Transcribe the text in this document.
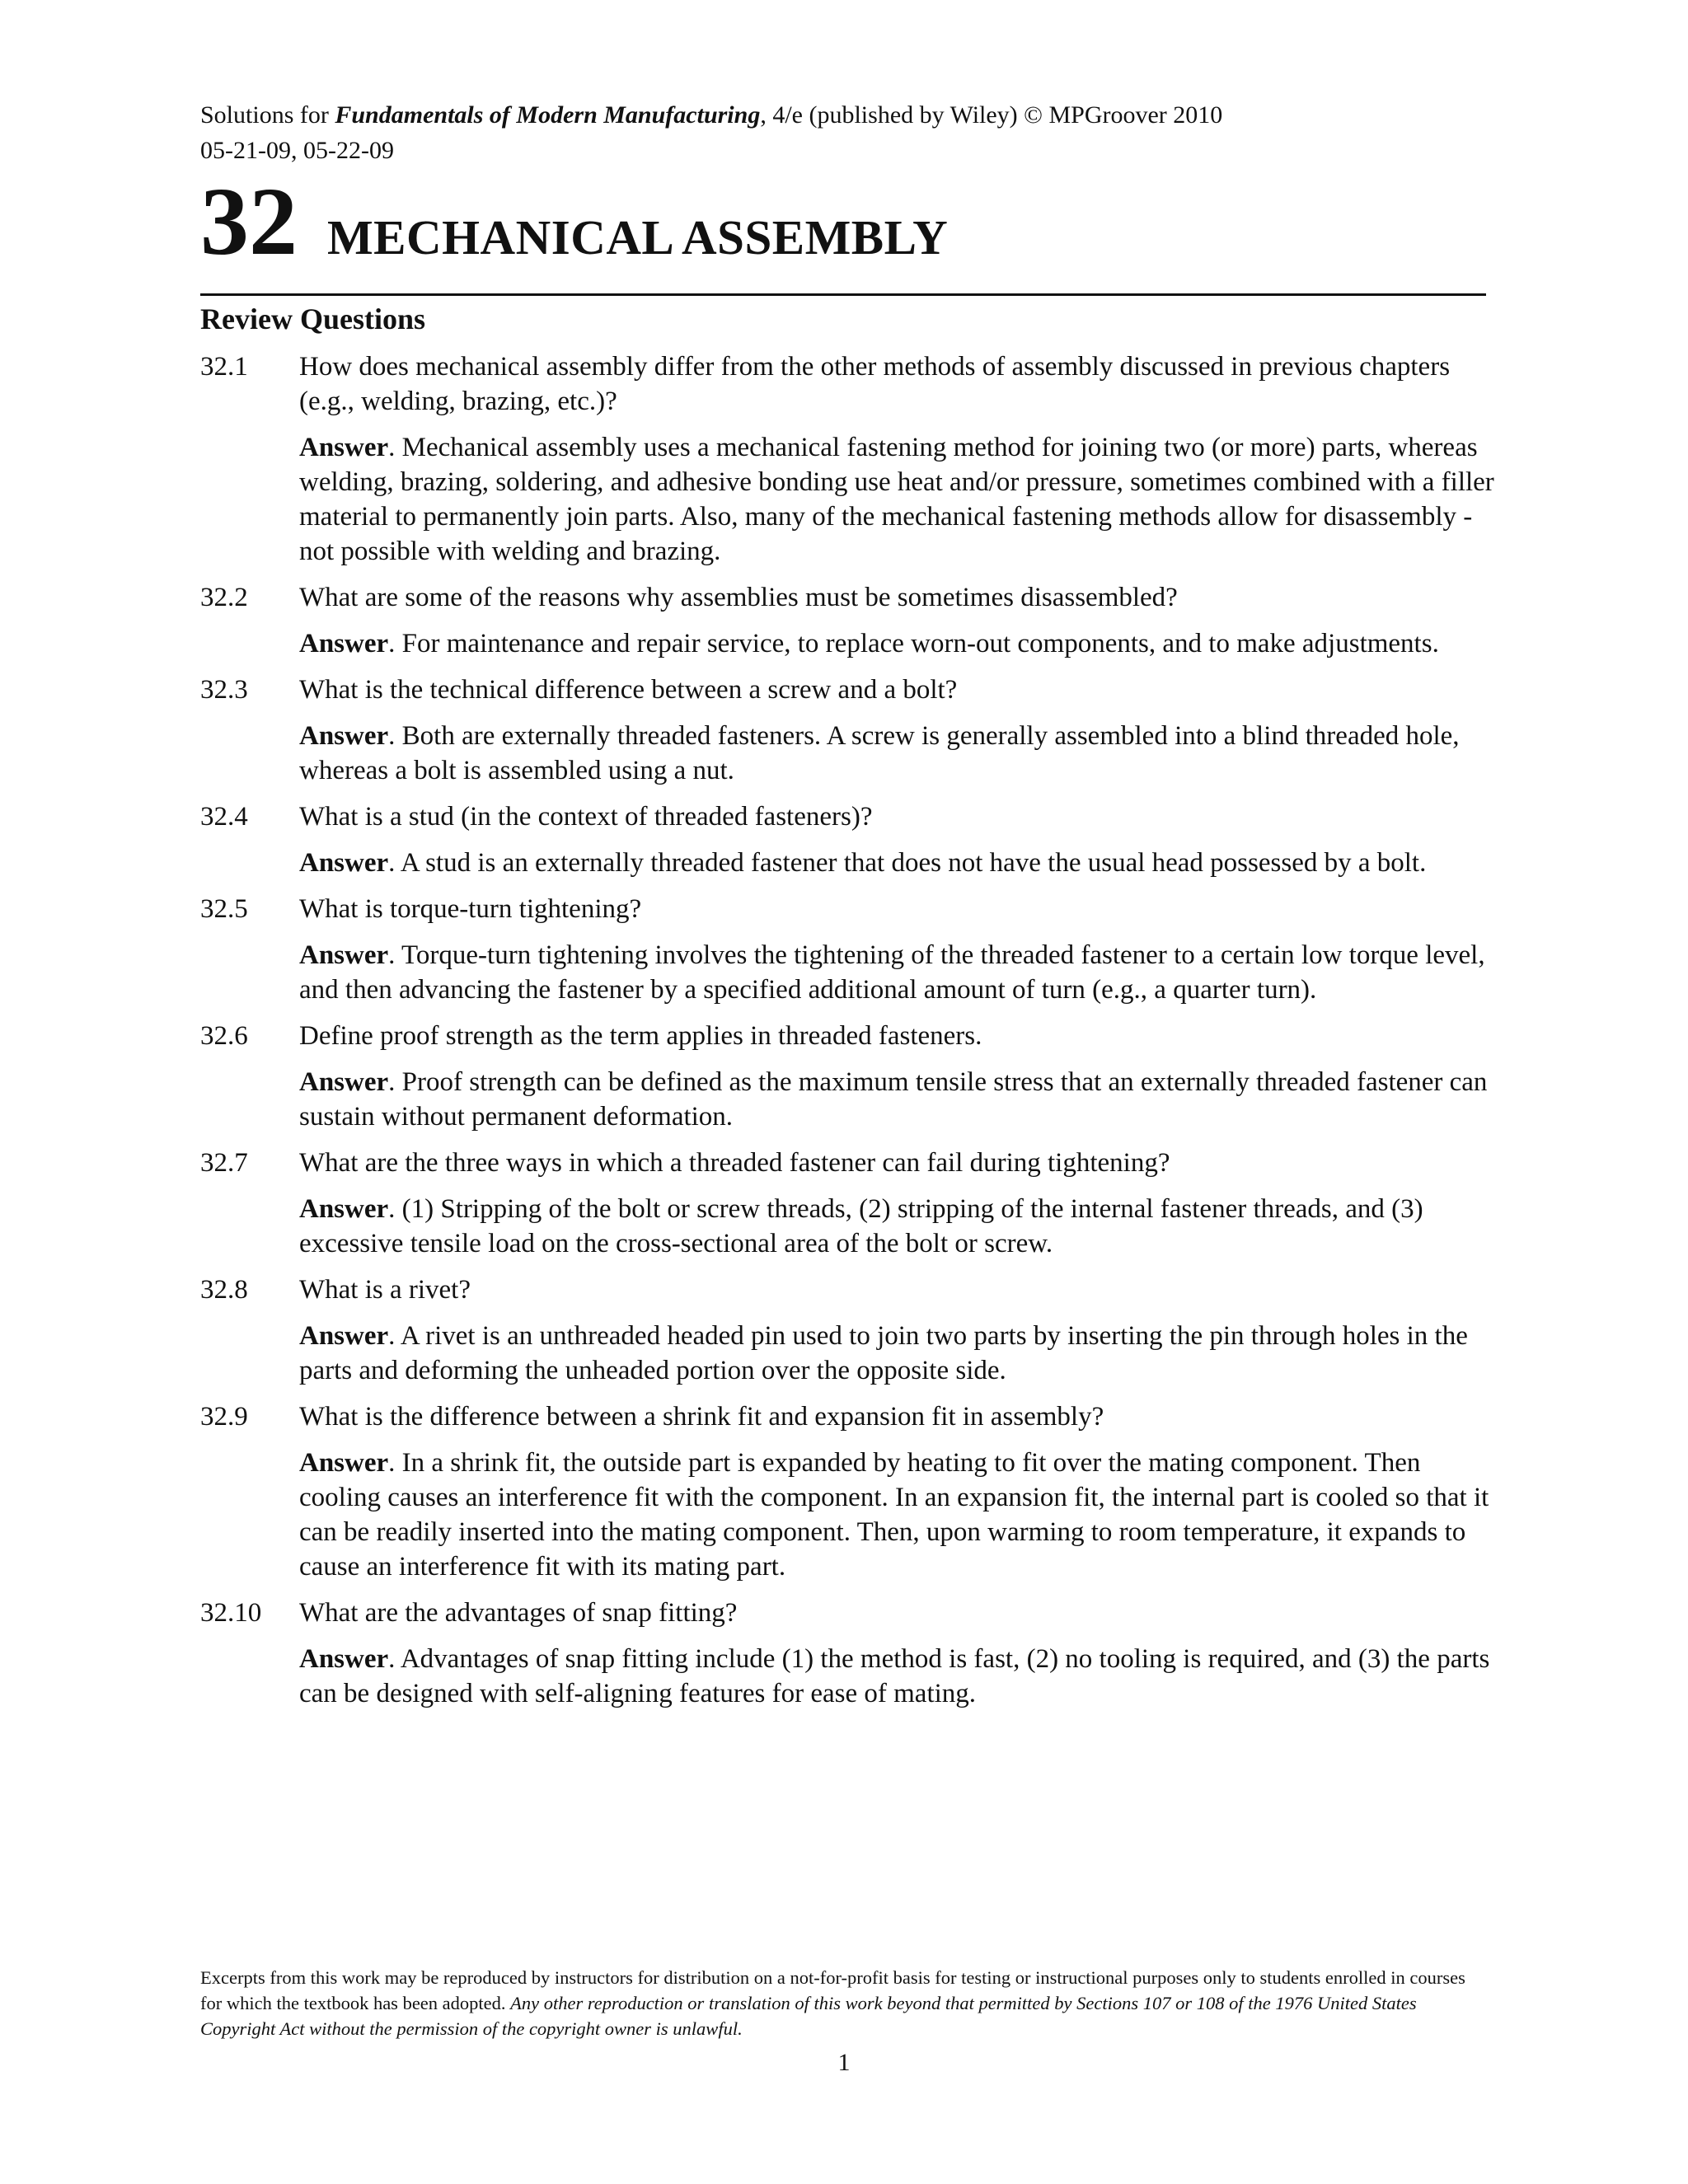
Solutions for Fundamentals of Modern Manufacturing, 4/e (published by Wiley) © MPGroover 2010
05-21-09, 05-22-09
32 MECHANICAL ASSEMBLY
Review Questions
32.1	How does mechanical assembly differ from the other methods of assembly discussed in previous chapters (e.g., welding, brazing, etc.)?
Answer. Mechanical assembly uses a mechanical fastening method for joining two (or more) parts, whereas welding, brazing, soldering, and adhesive bonding use heat and/or pressure, sometimes combined with a filler material to permanently join parts. Also, many of the mechanical fastening methods allow for disassembly - not possible with welding and brazing.
32.2	What are some of the reasons why assemblies must be sometimes disassembled?
Answer. For maintenance and repair service, to replace worn-out components, and to make adjustments.
32.3	What is the technical difference between a screw and a bolt?
Answer. Both are externally threaded fasteners. A screw is generally assembled into a blind threaded hole, whereas a bolt is assembled using a nut.
32.4	What is a stud (in the context of threaded fasteners)?
Answer. A stud is an externally threaded fastener that does not have the usual head possessed by a bolt.
32.5	What is torque-turn tightening?
Answer. Torque-turn tightening involves the tightening of the threaded fastener to a certain low torque level, and then advancing the fastener by a specified additional amount of turn (e.g., a quarter turn).
32.6	Define proof strength as the term applies in threaded fasteners.
Answer. Proof strength can be defined as the maximum tensile stress that an externally threaded fastener can sustain without permanent deformation.
32.7	What are the three ways in which a threaded fastener can fail during tightening?
Answer. (1) Stripping of the bolt or screw threads, (2) stripping of the internal fastener threads, and (3) excessive tensile load on the cross-sectional area of the bolt or screw.
32.8	What is a rivet?
Answer. A rivet is an unthreaded headed pin used to join two parts by inserting the pin through holes in the parts and deforming the unheaded portion over the opposite side.
32.9	What is the difference between a shrink fit and expansion fit in assembly?
Answer. In a shrink fit, the outside part is expanded by heating to fit over the mating component. Then cooling causes an interference fit with the component. In an expansion fit, the internal part is cooled so that it can be readily inserted into the mating component. Then, upon warming to room temperature, it expands to cause an interference fit with its mating part.
32.10	What are the advantages of snap fitting?
Answer. Advantages of snap fitting include (1) the method is fast, (2) no tooling is required, and (3) the parts can be designed with self-aligning features for ease of mating.
Excerpts from this work may be reproduced by instructors for distribution on a not-for-profit basis for testing or instructional purposes only to students enrolled in courses for which the textbook has been adopted. Any other reproduction or translation of this work beyond that permitted by Sections 107 or 108 of the 1976 United States Copyright Act without the permission of the copyright owner is unlawful.
1
